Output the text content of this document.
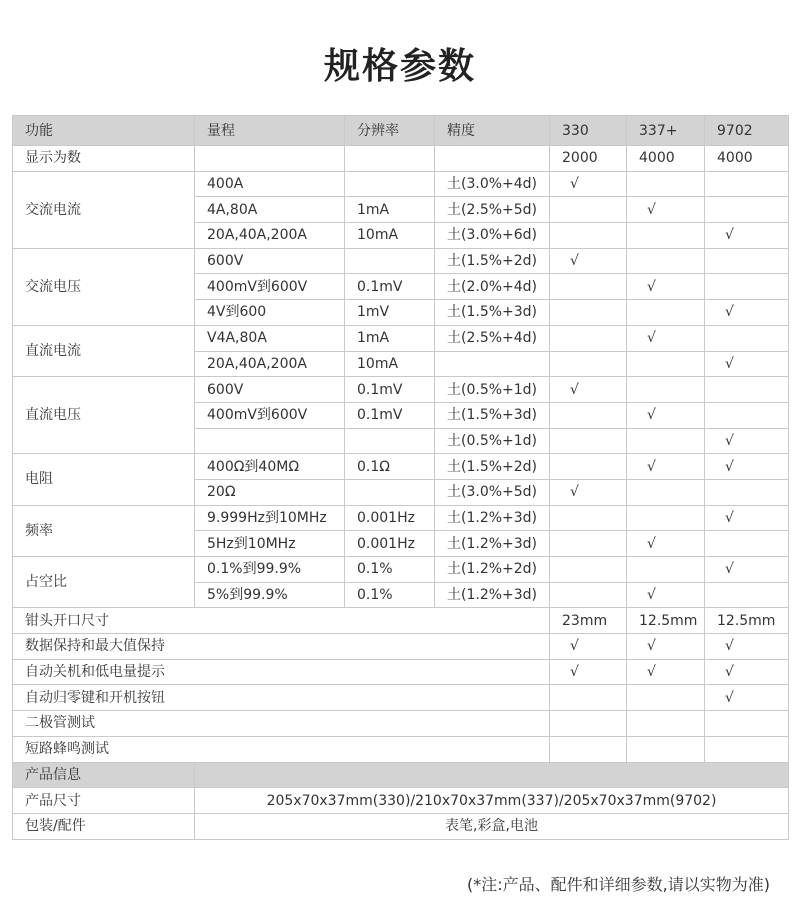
规格参数
功能	量程	分辨率	精度	330	337+	9702
显示为数				2000	4000	4000
交流电流	400A		土(3.0%+4d)	√		
	4A,80A	1mA	土(2.5%+5d)		√	
	20A,40A,200A	10mA	土(3.0%+6d)			√
交流电压	600V		土(1.5%+2d)	√		
	400mV到600V	0.1mV	土(2.0%+4d)		√	
	4V到600	1mV	土(1.5%+3d)			√
直流电流	V4A,80A	1mA	土(2.5%+4d)		√	
	20A,40A,200A	10mA				√
直流电压	600V	0.1mV	土(0.5%+1d)	√		
	400mV到600V	0.1mV	土(1.5%+3d)		√	
			土(0.5%+1d)			√
电阻	400Ω到40MΩ	0.1Ω	土(1.5%+2d)		√	√
	20Ω		土(3.0%+5d)	√		
频率	9.999Hz到10MHz	0.001Hz	土(1.2%+3d)			√
	5Hz到10MHz	0.001Hz	土(1.2%+3d)		√	
占空比	0.1%到99.9%	0.1%	土(1.2%+2d)			√
	5%到99.9%	0.1%	土(1.2%+3d)		√	
钳头开口尺寸				23mm	12.5mm	12.5mm
数据保持和最大值保持				√	√	√
自动关机和低电量提示				√	√	√
自动归零键和开机按钮						√
二极管测试						
短路蜂鸣测试						
产品信息						
产品尺寸	205x70x37mm(330)/210x70x37mm(337)/205x70x37mm(9702)					
包装/配件	表笔,彩盒,电池					
(*注:产品、配件和详细参数,请以实物为准)
